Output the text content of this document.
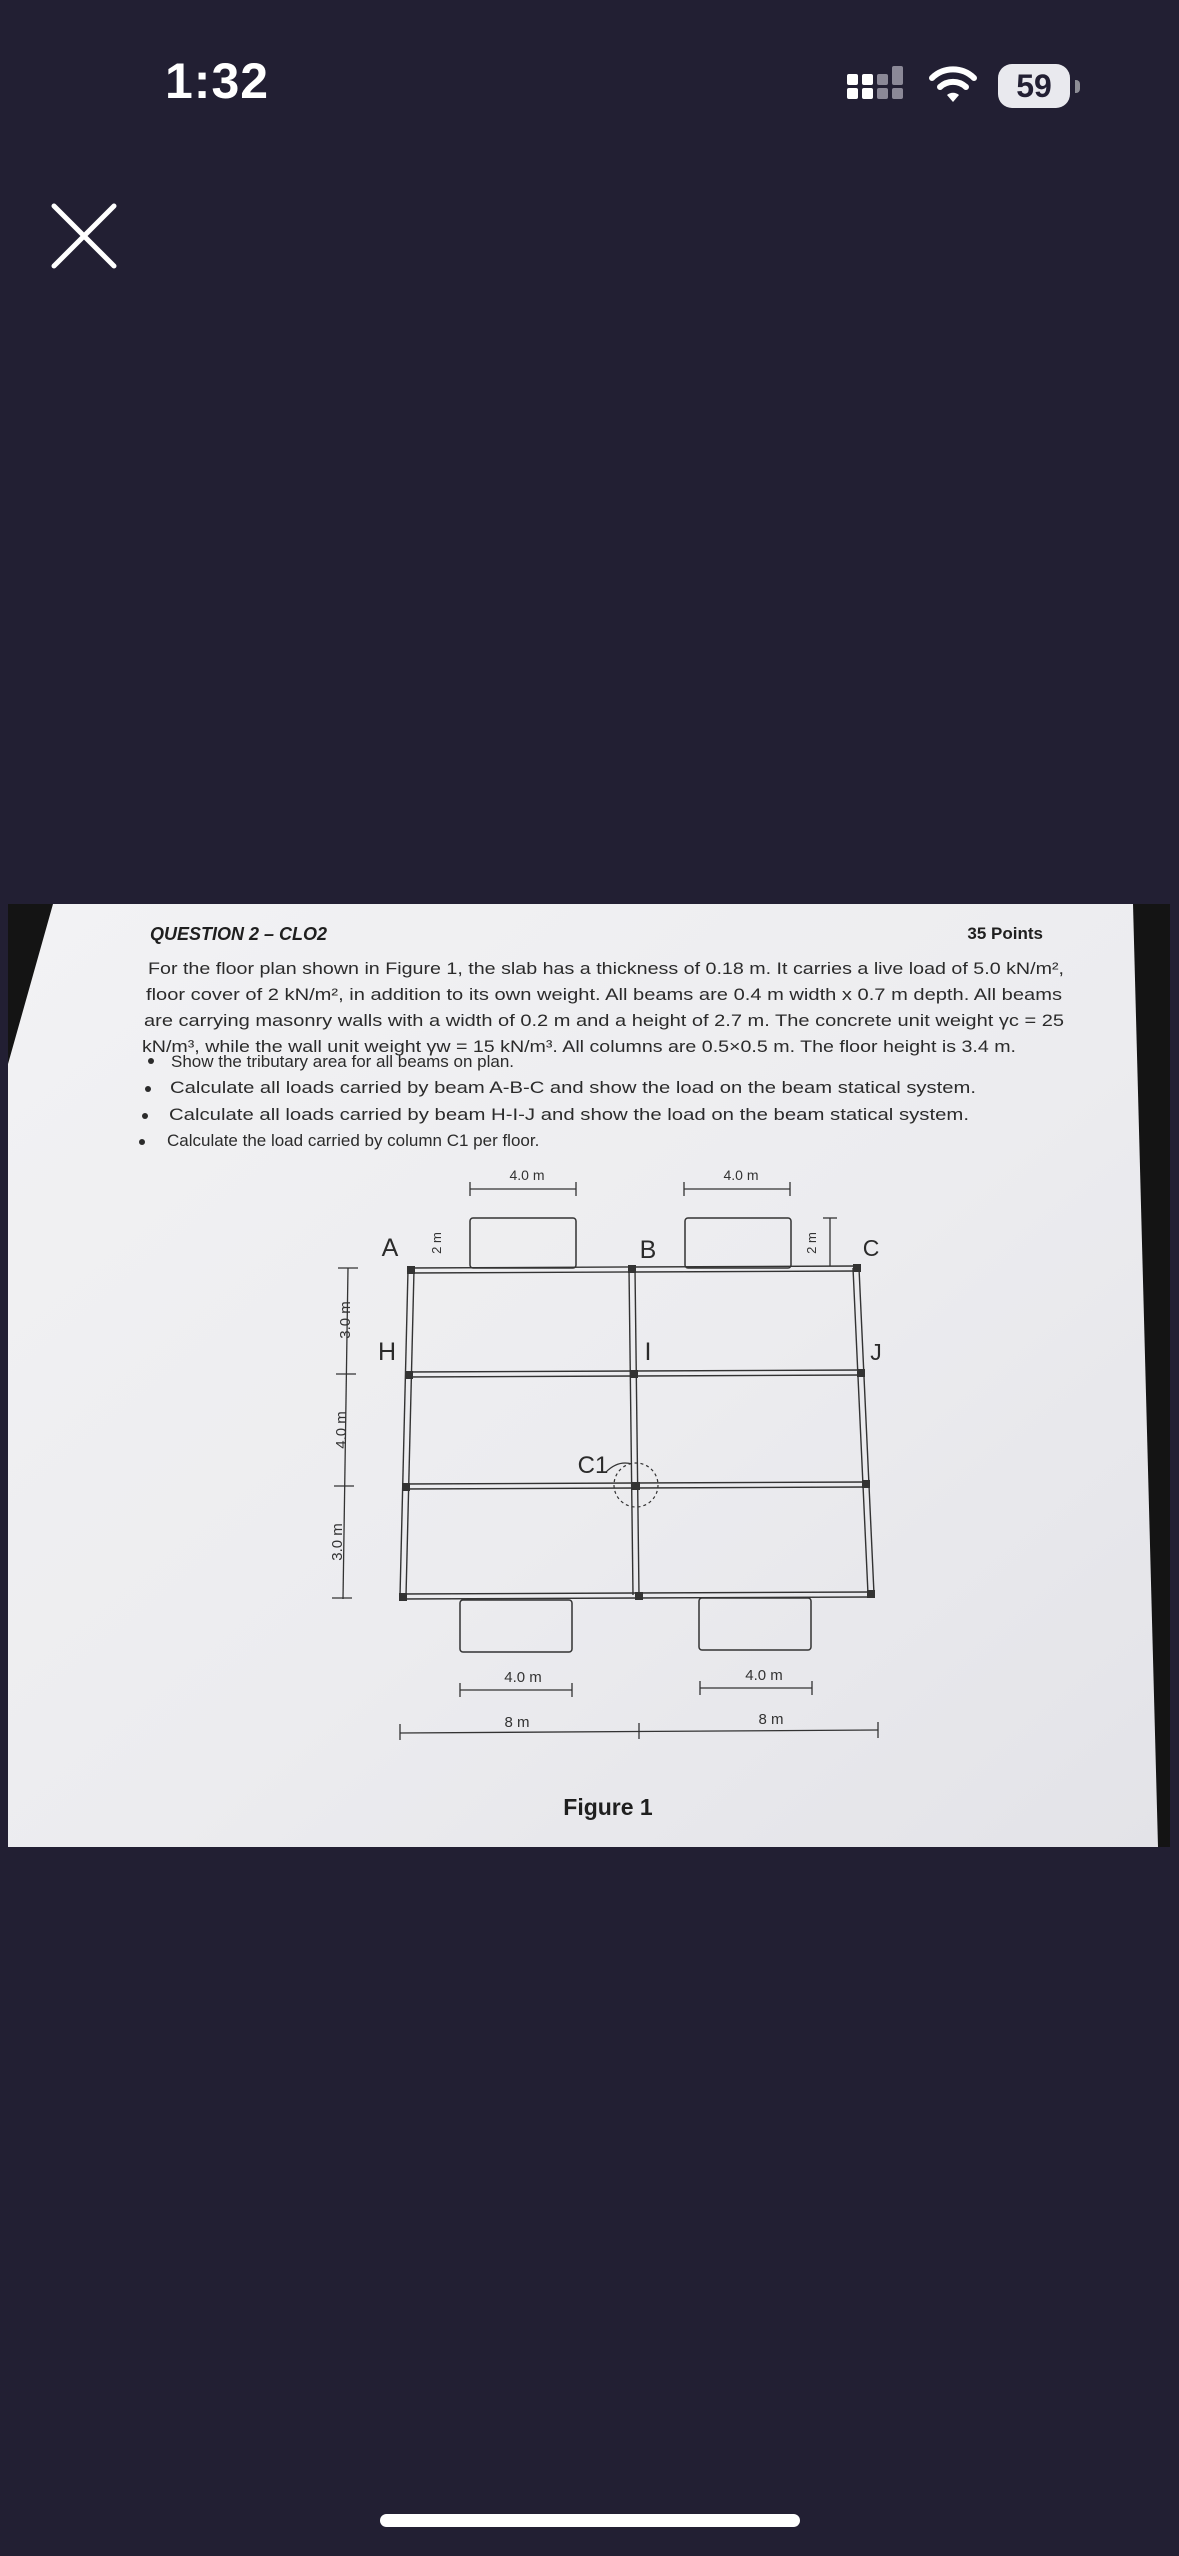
1:32	59
QUESTION 2 – CLO2	35 Points
For the floor plan shown in Figure 1, the slab has a thickness of 0.18 m. It carries a live load of 5.0 kN/m²,
floor cover of 2 kN/m², in addition to its own weight. All beams are 0.4 m width x 0.7 m depth. All beams
are carrying masonry walls with a width of 0.2 m and a height of 2.7 m. The concrete unit weight γc = 25
kN/m³, while the wall unit weight γw = 15 kN/m³. All columns are 0.5×0.5 m. The floor height is 3.4 m.
Show the tributary area for all beams on plan.
Calculate all loads carried by beam A-B-C and show the load on the beam statical system.
Calculate all loads carried by beam H-I-J and show the load on the beam statical system.
Calculate the load carried by column C1 per floor.
4.0 m	4.0 m
A	B	C
H	I	J
C1
2 m	2 m
3.0 m
4.0 m
3.0 m
4.0 m	4.0 m
8 m	8 m
Figure 1
